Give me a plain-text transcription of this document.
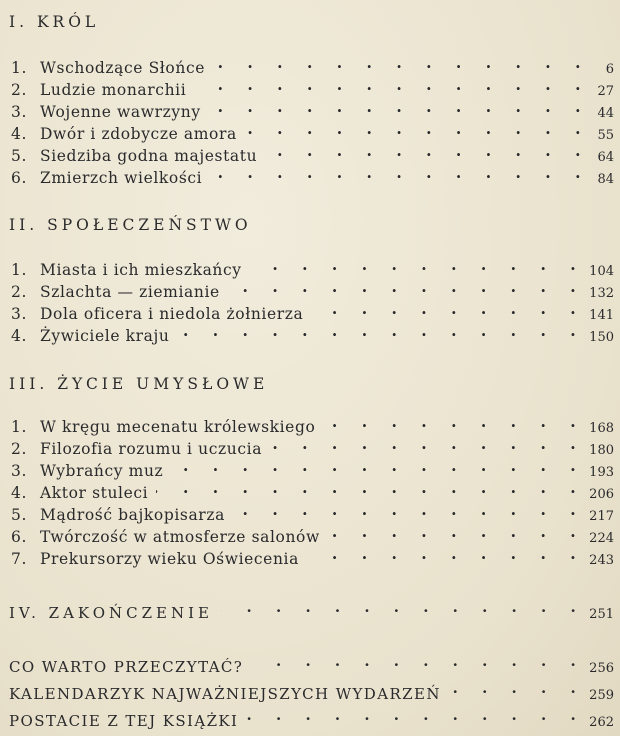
I. KRÓL
1. Wschodzące Słońce . . .	6
2. Ludzie monarchii . . .	27
3. Wojenne wawrzyny . . .	44
4. Dwór i zdobycze amora . . .	55
5. Siedziba godna majestatu . . .	64
6. Zmierzch wielkości . . .	84
II. SPOŁECZEŃSTWO
1. Miasta i ich mieszkańcy . . .	104
2. Szlachta — ziemianie . . .	132
3. Dola oficera i niedola żołnierza . . .	141
4. Żywiciele kraju . . .	150
III. ŻYCIE UMYSŁOWE
1. W kręgu mecenatu królewskiego . . .	168
2. Filozofia rozumu i uczucia . . .	180
3. Wybrańcy muz . . .	193
4. Aktor stuleci . . .	206
5. Mądrość bajkopisarza . . .	217
6. Twórczość w atmosferze salonów . . .	224
7. Prekursorzy wieku Oświecenia . . .	243
IV. ZAKOŃCZENIE . . .	251
CO WARTO PRZECZYTAĆ? . . .	256
KALENDARZYK NAJWAŻNIEJSZYCH WYDARZEŃ . . .	259
POSTACIE Z TEJ KSIĄŻKI . . .	262
